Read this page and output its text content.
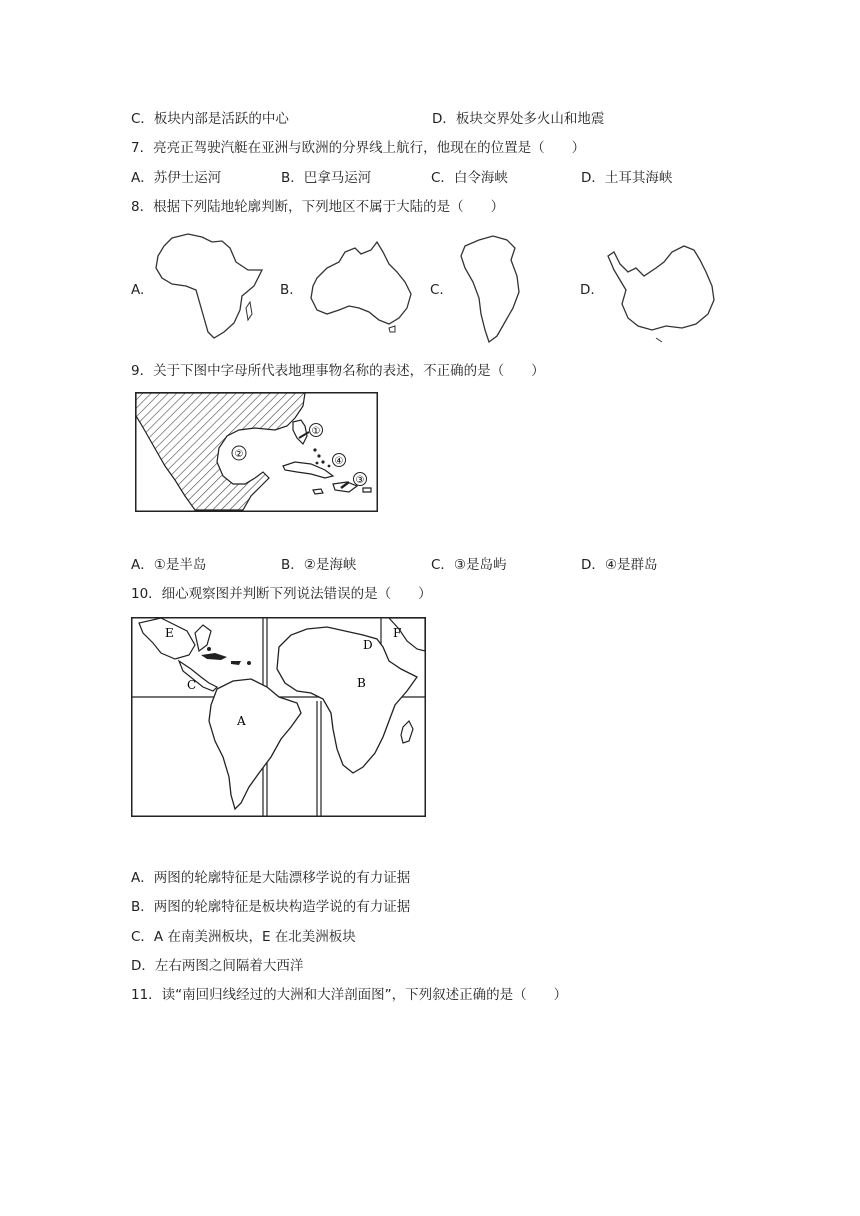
C．板块内部是活跃的中心	D．板块交界处多火山和地震
7．亮亮正驾驶汽艇在亚洲与欧洲的分界线上航行，他现在的位置是（　　）
A．苏伊士运河	B．巴拿马运河	C．白令海峡	D．土耳其海峡
8．根据下列陆地轮廓判断，下列地区不属于大陆的是（　　）
A.	B.	C.	D.
9．关于下图中字母所代表地理事物名称的表述，不正确的是（　　）
①
②
③
④
A．①是半岛	B．②是海峡	C．③是岛屿	D．④是群岛
10．细心观察图并判断下列说法错误的是（　　）
E
C
A
B
D
F
A．两图的轮廓特征是大陆漂移学说的有力证据
B．两图的轮廓特征是板块构造学说的有力证据
C．A 在南美洲板块，E 在北美洲板块
D．左右两图之间隔着大西洋
11．读“南回归线经过的大洲和大洋剖面图”，下列叙述正确的是（　　）
